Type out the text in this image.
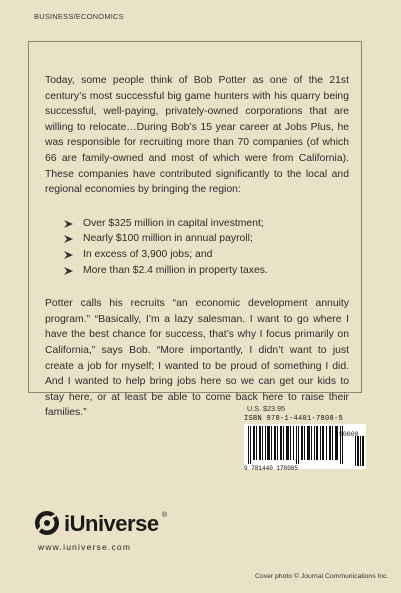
BUSINESS/ECONOMICS

Today, some people think of Bob Potter as one of the 21st century’s most successful big game hunters with his quarry being successful, well-paying, privately-owned corporations that are willing to relocate…During Bob’s 15 year career at Jobs Plus, he was responsible for recruiting more than 70 companies (of which 66 are family-owned and most of which were from California). These companies have contributed significantly to the local and regional economies by bringing the region:

Over $325 million in capital investment;
Nearly $100 million in annual payroll;
In excess of 3,900 jobs; and
More than $2.4 million in property taxes.

Potter calls his recruits “an economic development annuity program.” “Basically, I’m a lazy salesman. I want to go where I have the best chance for success, that’s why I focus primarily on California,” says Bob. “More importantly, I didn’t want to just create a job for myself; I wanted to be proud of something I did. And I wanted to help bring jobs here so we can get our kids to stay here, or at least be able to come back here to raise their families.”	U.S. $23.95
ISBN 978-1-4401-7808-5
90000
9 781440 178085
iUniverse ®
www.iuniverse.com
Cover photo © Journal Communications Inc.
